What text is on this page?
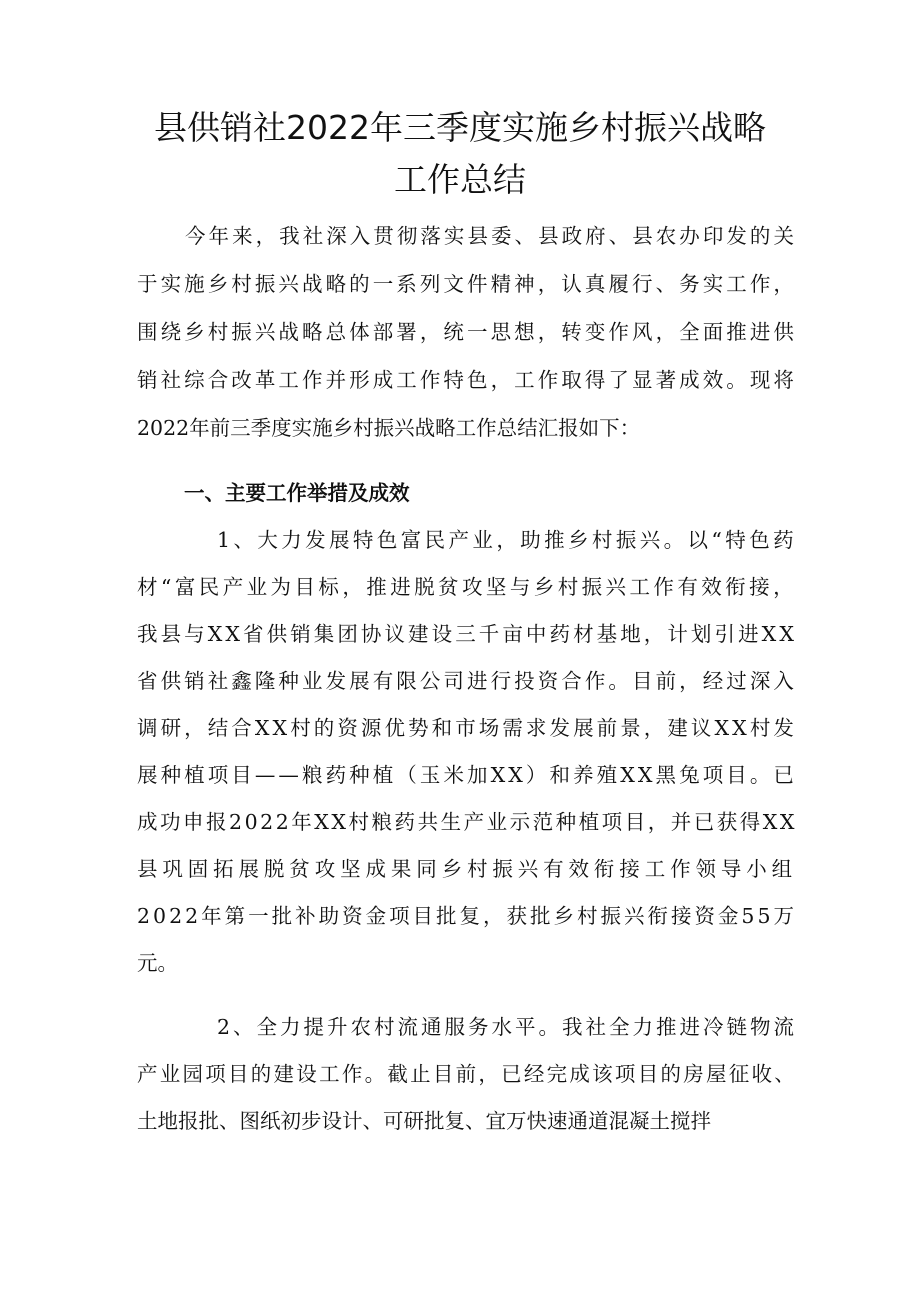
县供销社2022年三季度实施乡村振兴战略
工作总结
今年来，我社深入贯彻落实县委、县政府、县农办印发的关
于实施乡村振兴战略的一系列文件精神，认真履行、务实工作，
围绕乡村振兴战略总体部署，统一思想，转变作风，全面推进供
销社综合改革工作并形成工作特色，工作取得了显著成效。现将
2022年前三季度实施乡村振兴战略工作总结汇报如下：
一、主要工作举措及成效
1、大力发展特色富民产业，助推乡村振兴。以“特色药
材“富民产业为目标，推进脱贫攻坚与乡村振兴工作有效衔接，
我县与XX省供销集团协议建设三千亩中药材基地，计划引进XX
省供销社鑫隆种业发展有限公司进行投资合作。目前，经过深入
调研，结合XX村的资源优势和市场需求发展前景，建议XX村发
展种植项目——粮药种植（玉米加XX）和养殖XX黑兔项目。已
成功申报2022年XX村粮药共生产业示范种植项目，并已获得XX
县巩固拓展脱贫攻坚成果同乡村振兴有效衔接工作领导小组
2022年第一批补助资金项目批复，获批乡村振兴衔接资金55万
元。
2、全力提升农村流通服务水平。我社全力推进冷链物流
产业园项目的建设工作。截止目前，已经完成该项目的房屋征收、
土地报批、图纸初步设计、可研批复、宜万快速通道混凝土搅拌
